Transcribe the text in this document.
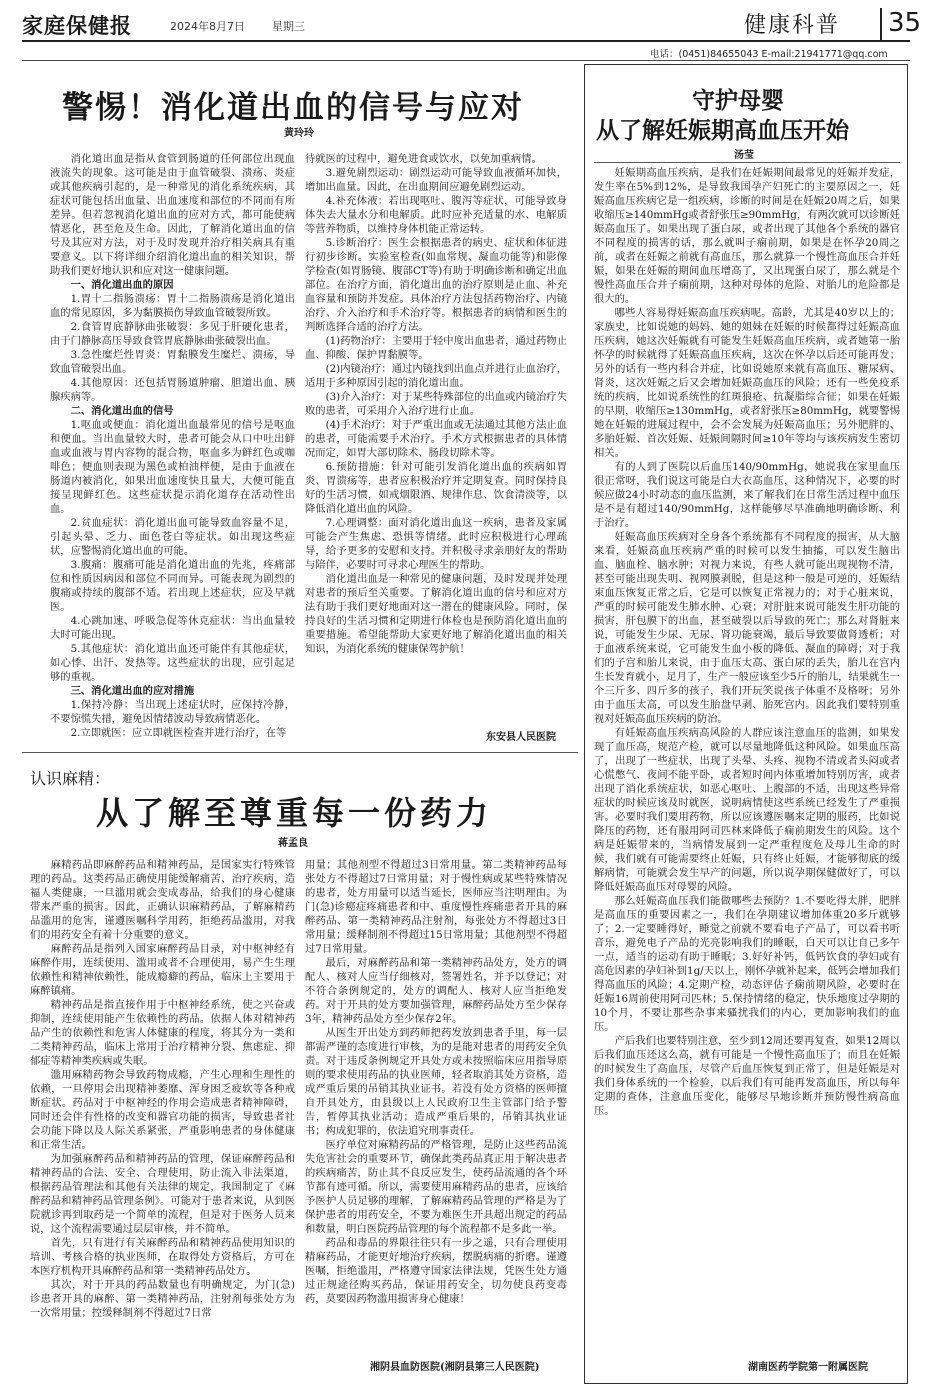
家庭保健报	2024年8月7日 星期三	健康科普 35
电话：(0451)84655043 E-mail:21941771@qq.com
警惕！消化道出血的信号与应对
黄玲玲

消化道出血是指从食管到肠道的任何部位出现血液流失的现象。这可能是由于血管破裂、溃疡、炎症或其他疾病引起的，是一种常见的消化系统疾病，其症状可能包括出血量、出血速度和部位的不同而有所差异。但若忽视消化道出血的应对方式，都可能使病情恶化，甚至危及生命。因此，了解消化道出血的信号及其应对方法，对于及时发现并治疗相关病具有重要意义。以下将详细介绍消化道出血的相关知识，帮助我们更好地认识和应对这一健康问题。

一、消化道出血的原因

1.胃十二指肠溃疡：胃十二指肠溃疡是消化道出血的常见原因，多为黏膜损伤导致血管破裂所致。

2.食管胃底静脉曲张破裂：多见于肝硬化患者，由于门静脉高压导致食管胃底静脉曲张破裂出血。

3.急性糜烂性胃炎：胃黏膜发生糜烂、溃疡，导致血管破裂出血。

4.其他原因：还包括胃肠道肿瘤、胆道出血、胰腺疾病等。

二、消化道出血的信号

1.呕血或便血：消化道出血最常见的信号是呕血和便血。当出血量较大时，患者可能会从口中吐出鲜血或血液与胃内容物的混合物，呕血多为鲜红色或咖啡色；便血则表现为黑色或柏油样便，是由于血液在肠道内被消化，如果出血速度快且量大，大便可能直接呈现鲜红色。这些症状提示消化道存在活动性出血。

2.贫血症状：消化道出血可能导致血容量不足，引起头晕、乏力、面色苍白等症状。如出现这些症状，应警惕消化道出血的可能。

3.腹痛：腹痛可能是消化道出血的先兆，疼痛部位和性质因病因和部位不同而异。可能表现为剧烈的腹痛或持续的腹部不适。若出现上述症状，应及早就医。

4.心跳加速、呼吸急促等休克症状：当出血量较大时可能出现。

5.其他症状：消化道出血还可能伴有其他症状，如心悸、出汗、发热等。这些症状的出现，应引起足够的重视。

三、消化道出血的应对措施

1.保持冷静：当出现上述症状时，应保持冷静，不要惊慌失措，避免因情绪波动导致病情恶化。

2.立即就医：应立即就医检查并进行治疗，在等

待就医的过程中，避免进食或饮水，以免加重病情。

3.避免剧烈运动：剧烈运动可能导致血液循环加快，增加出血量。因此，在出血期间应避免剧烈运动。

4.补充体液：若出现呕吐、腹泻等症状，可能导致身体失去大量水分和电解质。此时应补充适量的水、电解质等营养物质，以维持身体机能正常运转。

5.诊断治疗：医生会根据患者的病史、症状和体征进行初步诊断。实验室检查(如血常规、凝血功能等)和影像学检查(如胃肠镜、腹部CT等)有助于明确诊断和确定出血部位。在治疗方面，消化道出血的治疗原则是止血、补充血容量和预防并发症。具体治疗方法包括药物治疗、内镜治疗、介入治疗和手术治疗等。根据患者的病情和医生的判断选择合适的治疗方法。

(1)药物治疗：主要用于轻中度出血患者，通过药物止血、抑酸、保护胃黏膜等。

(2)内镜治疗：通过内镜找到出血点并进行止血治疗，适用于多种原因引起的消化道出血。

(3)介入治疗：对于某些特殊部位的出血或内镜治疗失败的患者，可采用介入治疗进行止血。

(4)手术治疗：对于严重出血或无法通过其他方法止血的患者，可能需要手术治疗。手术方式根据患者的具体情况而定，如胃大部切除术、肠段切除术等。

6.预防措施：针对可能引发消化道出血的疾病如胃炎、胃溃疡等，患者应积极治疗并定期复查。同时保持良好的生活习惯，如戒烟限酒、规律作息、饮食清淡等，以降低消化道出血的风险。

7.心理调整：面对消化道出血这一疾病，患者及家属可能会产生焦虑、恐惧等情绪。此时应积极进行心理疏导，给予更多的安慰和支持。并积极寻求亲朋好友的帮助与陪伴，必要时可寻求心理医生的帮助。

消化道出血是一种常见的健康问题，及时发现并处理对患者的预后至关重要。了解消化道出血的信号和应对方法有助于我们更好地面对这一潜在的健康风险。同时，保持良好的生活习惯和定期进行体检也是预防消化道出血的重要措施。希望能帮助大家更好地了解消化道出血的相关知识，为消化系统的健康保驾护航！

东安县人民医院
认识麻精：
从了解至尊重每一份药力
蒋孟良

麻精药品即麻醉药品和精神药品，是国家实行特殊管理的药品。这类药品正确使用能缓解痛苦、治疗疾病，造福人类健康，一旦滥用就会变成毒品，给我们的身心健康带来严重的损害。因此，正确认识麻精药品，了解麻精药品滥用的危害，谨遵医嘱科学用药，拒绝药品滥用，对我们的用药安全有着十分重要的意义。

麻醉药品是指列入国家麻醉药品目录，对中枢神经有麻醉作用，连续使用、滥用或者不合理使用，易产生生理依赖性和精神依赖性，能成瘾癖的药品，临床上主要用于麻醉镇痛。

精神药品是指直接作用于中枢神经系统，使之兴奋或抑制，连续使用能产生依赖性的药品。依据人体对精神药品产生的依赖性和危害人体健康的程度，将其分为一类和二类精神药品，临床上常用于治疗精神分裂、焦虑症、抑郁症等精神类疾病或失眠。

滥用麻精药物会导致药物成瘾，产生心理和生理性的依赖，一旦停用会出现精神萎靡、浑身困乏疲软等各种戒断症状。药品对于中枢神经的作用会造成患者精神障碍，同时还会伴有性格的改变和器官功能的损害，导致患者社会功能下降以及人际关系紧张，严重影响患者的身体健康和正常生活。

为加强麻醉药品和精神药品的管理，保证麻醉药品和精神药品的合法、安全、合理使用，防止流入非法渠道，根据药品管理法和其他有关法律的规定，我国制定了《麻醉药品和精神药品管理条例》。可能对于患者来说，从到医院就诊再到取药是一个简单的流程，但是对于医务人员来说，这个流程需要通过层层审核，并不简单。

首先，只有进行有关麻醉药品和精神药品使用知识的培训、考核合格的执业医师，在取得处方资格后，方可在本医疗机构开具麻醉药品和第一类精神药品处方。

其次，对于开具的药品数量也有明确规定，为门(急)诊患者开具的麻醉、第一类精神药品，注射剂每张处方为一次常用量；控缓释制剂不得超过7日常

用量；其他剂型不得超过3日常用量。第二类精神药品每张处方不得超过7日常用量；对于慢性病或某些特殊情况的患者，处方用量可以适当延长，医师应当注明理由。为门(急)诊癌症疼痛患者和中、重度慢性疼痛患者开具的麻醉药品、第一类精神药品注射剂，每张处方不得超过3日常用量；缓释制剂不得超过15日常用量；其他剂型不得超过7日常用量。

最后，对麻醉药品和第一类精神药品处方，处方的调配人、核对人应当仔细核对，签署姓名，并予以登记；对不符合条例规定的，处方的调配人、核对人应当拒绝发药。对于开具的处方要加强管理，麻醉药品处方至少保存3年，精神药品处方至少保存2年。

从医生开出处方到药师把药发放到患者手里，每一层都需严谨的态度进行审核，为的是能对患者的用药安全负责。对于违反条例规定开具处方或未按照临床应用指导原则的要求使用药品的执业医师，轻者取消其处方资格，造成严重后果的吊销其执业证书。若没有处方资格的医师擅自开具处方，由县级以上人民政府卫生主管部门给予警告，暂停其执业活动；造成严重后果的，吊销其执业证书；构成犯罪的，依法追究刑事责任。

医疗单位对麻精药品的严格管理，是防止这些药品流失危害社会的重要环节，确保此类药品真正用于解决患者的疾病痛苦，防止其不良反应发生，使药品流通的各个环节都有迹可循。所以，需要使用麻精药品的患者，应该给予医护人员足够的理解，了解麻精药品管理的严格是为了保护患者的用药安全，不要为难医生开具超出规定的药品和数量，明白医院药品管理的每个流程都不是多此一举。

药品和毒品的界限往往只有一步之遥，只有合理使用精麻药品，才能更好地治疗疾病，摆脱病痛的折磨。谨遵医嘱，拒绝滥用，严格遵守国家法律法规，凭医生处方通过正规途径购买药品，保证用药安全，切勿使良药变毒药，莫要因药物滥用损害身心健康！

湘阴县血防医院(湘阴县第三人民医院)
守护母婴
从了解妊娠期高血压开始
汤莹

妊娠期高血压疾病，是我们在妊娠期间最常见的妊娠并发症，发生率在5%到12%，是导致我国孕产妇死亡的主要原因之一，妊娠高血压疾病它是一组疾病，诊断的时间是在妊娠20周之后，如果收缩压≥140mmHg或者舒张压≥90mmHg，有两次就可以诊断妊娠高血压了。如果出现了蛋白尿，或者出现了其他各个系统的器官不同程度的损害的话，那么就叫子痫前期，如果是在怀孕20周之前，或者在妊娠之前就有高血压，那么就算一个慢性高血压合并妊娠，如果在妊娠的期间血压增高了，又出现蛋白尿了，那么就是个慢性高血压合并子痫前期，这种对母体的危险、对胎儿的危险都是很大的。

哪些人容易得妊娠高血压疾病呢。高龄，尤其是40岁以上的；家族史，比如说她的妈妈、她的姐妹在妊娠的时候都得过妊娠高血压疾病，她这次妊娠就有可能发生妊娠高血压疾病，或者她第一胎怀孕的时候就得了妊娠高血压疾病，这次在怀孕以后还可能再发；另外的话有一些内科合并症，比如说她原来就有高血压、糖尿病、肾炎，这次妊娠之后又会增加妊娠高血压的风险；还有一些免疫系统的疾病，比如说系统性的红斑狼疮、抗凝脂综合征；如果在妊娠的早期，收缩压≥130mmHg，或者舒张压≥80mmHg，就要警惕她在妊娠的进展过程中，会不会发展为妊娠高血压；另外肥胖的、多胎妊娠、首次妊娠、妊娠间隔时间≥10年等均与该疾病发生密切相关。

有的人到了医院以后血压140/90mmHg，她说我在家里血压很正常呀，我们说这可能是白大衣高血压，这种情况下，必要的时候应做24小时动态的血压监测，来了解我们在日常生活过程中血压是不是有超过140/90mmHg，这样能够尽早准确地明确诊断、利于治疗。

妊娠高血压疾病对全身各个系统都有不同程度的损害，从大脑来看，妊娠高血压疾病严重的时候可以发生抽搐，可以发生脑出血、脑血栓、脑水肿；对视力来说，有些人就可能出现视物不清，甚至可能出现失明、视网膜剥脱，但是这种一般是可逆的，妊娠结束血压恢复正常之后，它是可以恢复正常视力的；对于心脏来说，严重的时候可能发生肺水肿、心衰；对肝脏来说可能发生肝功能的损害，肝包膜下的出血，甚至破裂以后导致的死亡；那么对肾脏来说，可能发生少尿、无尿、肾功能衰竭，最后导致要做肾透析；对于血液系统来说，它可能发生血小板的降低、凝血的障碍；对于我们的子宫和胎儿来说，由于血压太高、蛋白尿的丢失，胎儿在宫内生长发育就小，足月了，生产一般应该至少5斤的胎儿，结果就生一个三斤多、四斤多的孩子，我们开玩笑说孩子体重不及格呀；另外由于血压太高，可以发生胎盘早剥、胎死宫内。因此我们要特别重视对妊娠高血压疾病的防治。

有妊娠高血压疾病高风险的人群应该注意血压的监测，如果发现了血压高，规范产检，就可以尽量地降低这种风险。如果血压高了，出现了一些症状，出现了头晕、头疼、视物不清或者头闷或者心慌憋气、夜间不能平卧，或者短时间内体重增加特别厉害，或者出现了消化系统症状，如恶心呕吐、上腹部的不适，出现这些异常症状的时候应该及时就医，说明病情使这些系统已经发生了严重损害。必要时我们要用药物，所以应该遵医嘱来定期的服药，比如说降压的药物，还有服用阿司匹林来降低子痫前期发生的风险。这个病是妊娠带来的，当病情发展到一定严重程度危及母儿生命的时候，我们就有可能需要终止妊娠，只有终止妊娠，才能够彻底的缓解病情，可能就会发生早产的问题，所以说孕期保健做好了，可以降低妊娠高血压对母婴的风险。

那么妊娠高血压我们能做哪些去预防？1.不要吃得太胖，肥胖是高血压的重要因素之一，我们在孕期建议增加体重20多斤就够了；2.一定要睡得好，睡觉之前就不要看电子产品了，可以看书听音乐，避免电子产品的光亮影响我们的睡眠，白天可以让自己多午一点，适当的运动有助于睡眠；3.好好补钙，低钙饮食的孕妇或有高危因素的孕妇补到1g/天以上，刚怀孕就补起来，低钙会增加我们得高血压的风险；4.定期产检，动态评估子痫前期风险，必要时在妊娠16周前使用阿司匹林；5.保持情绪的稳定，快乐地度过孕期的10个月，不要让那些杂事来骚扰我们的内心，更加影响我们的血压。

产后我们也要特别注意，至少到12周还要再复查，如果12周以后我们血压还这么高，就有可能是一个慢性高血压了；而且在妊娠的时候发生了高血压，尽管产后血压恢复到正常了，但是妊娠是对我们身体系统的一个检验，以后我们有可能再发高血压，所以每年定期的查体，注意血压变化，能够尽早地诊断并预防慢性病高血压。

湖南医药学院第一附属医院
